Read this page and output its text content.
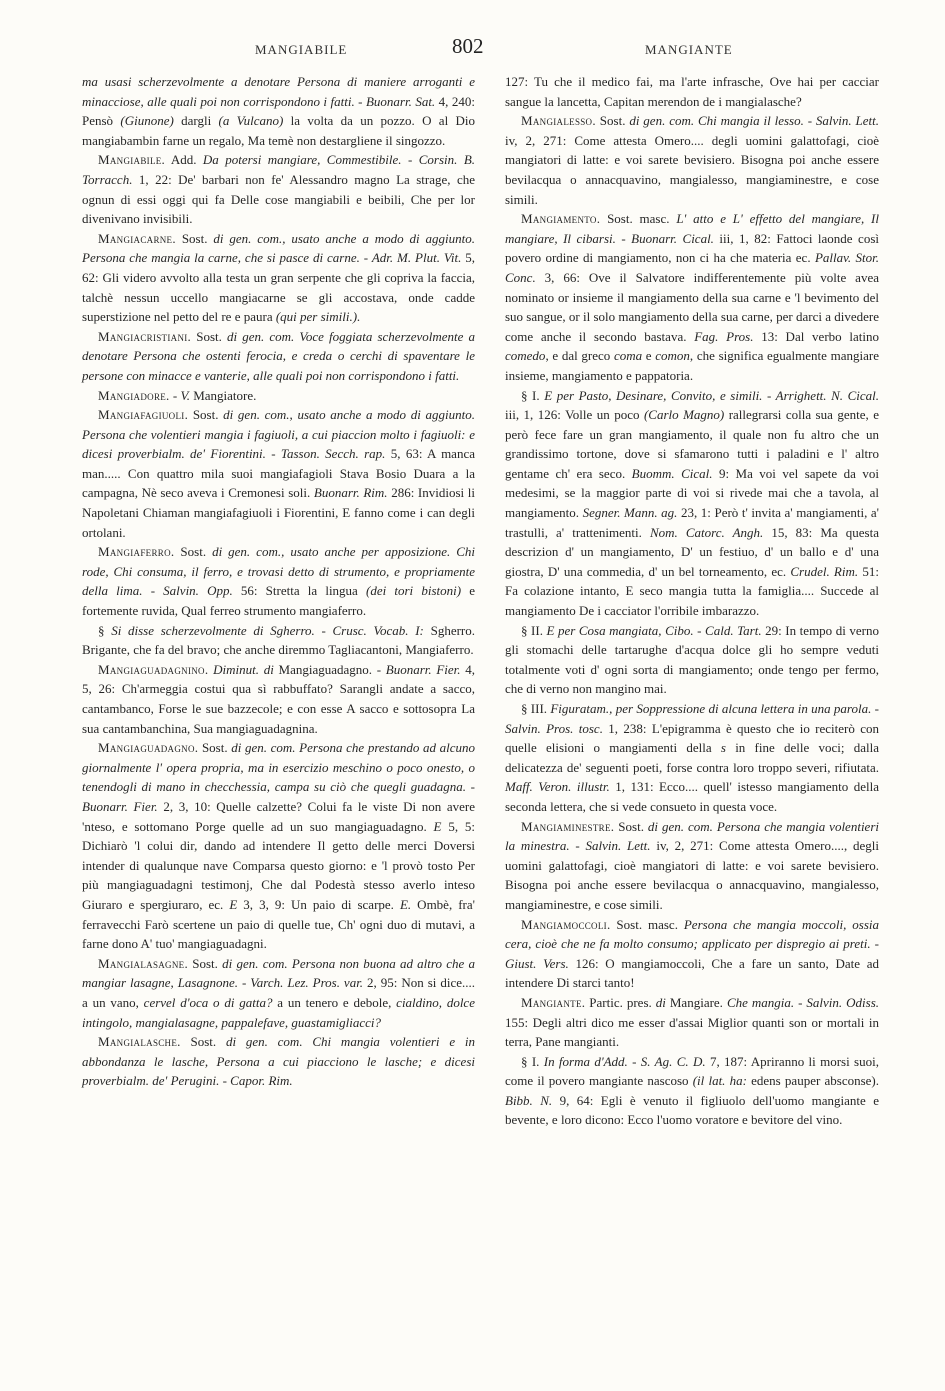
MANGIABILE	802	MANGIANTE

ma usasi scherzevolmente a denotare Persona di maniere arroganti e minacciose, alle quali poi non corrispondono i fatti. - Buonarr. Sat. 4, 240: Pensò (Giunone) dargli (a Vulcano) la volta da un pozzo. O al Dio mangiabambin farne un regalo, Ma temè non destargliene il singozzo.

Mangiabile. Add. Da potersi mangiare, Commestibile. - Corsin. B. Torracch. 1, 22: De' barbari non fe' Alessandro magno La strage, che ognun di essi oggi qui fa Delle cose mangiabili e beibili, Che per lor divenivano invisibili.

Mangiacarne. Sost. di gen. com., usato anche a modo di aggiunto. Persona che mangia la carne, che si pasce di carne. - Adr. M. Plut. Vit. 5, 62: Gli videro avvolto alla testa un gran serpente che gli copriva la faccia, talchè nessun uccello mangiacarne se gli accostava, onde cadde superstizione nel petto del re e paura (qui per simili.).

Mangiacristiani. Sost. di gen. com. Voce foggiata scherzevolmente a denotare Persona che ostenti ferocia, e creda o cerchi di spaventare le persone con minacce e vanterie, alle quali poi non corrispondono i fatti.

Mangiadore. - V. Mangiatore.

Mangiafagiuoli. Sost. di gen. com., usato anche a modo di aggiunto. Persona che volentieri mangia i fagiuoli, a cui piaccion molto i fagiuoli: e dicesi proverbialm. de' Fiorentini. - Tasson. Secch. rap. 5, 63: A manca man..... Con quattro mila suoi mangiafagioli Stava Bosio Duara a la campagna, Nè seco aveva i Cremonesi soli. Buonarr. Rim. 286: Invidiosi li Napoletani Chiaman mangiafagiuoli i Fiorentini, E fanno come i can degli ortolani.

Mangiaferro. Sost. di gen. com., usato anche per apposizione. Chi rode, Chi consuma, il ferro, e trovasi detto di strumento, e propriamente della lima. - Salvin. Opp. 56: Stretta la lingua (dei tori bistoni) e fortemente ruvida, Qual ferreo strumento mangiaferro.

§ Si disse scherzevolmente di Sgherro. - Crusc. Vocab. I: Sgherro. Brigante, che fa del bravo; che anche diremmo Tagliacantoni, Mangiaferro.

Mangiaguadagnino. Diminut. di Mangiaguadagno. - Buonarr. Fier. 4, 5, 26: Ch'armeggia costui qua sì rabbuffato? Sarangli andate a sacco, cantambanco, Forse le sue bazzecole; e con esse A sacco e sottosopra La sua cantambanchina, Sua mangiaguadagnina.

Mangiaguadagno. Sost. di gen. com. Persona che prestando ad alcuno giornalmente l' opera propria, ma in esercizio meschino o poco onesto, o tenendogli di mano in checchessia, campa su ciò che quegli guadagna. - Buonarr. Fier. 2, 3, 10: Quelle calzette? Colui fa le viste Di non avere 'nteso, e sottomano Porge quelle ad un suo mangiaguadagno. E 5, 5: Dichiarò 'l colui dir, dando ad intendere Il getto delle merci Doversi intender di qualunque nave Comparsa questo giorno: e 'l provò tosto Per più mangiaguadagni testimonj, Che dal Podestà stesso averlo inteso Giuraro e spergiuraro, ec. E 3, 3, 9: Un paio di scarpe. E. Ombè, fra' ferravecchi Farò scertene un paio di quelle tue, Ch' ogni duo di mutavi, a farne dono A' tuo' mangiaguadagni.

Mangialasagne. Sost. di gen. com. Persona non buona ad altro che a mangiar lasagne, Lasagnone. - Varch. Lez. Pros. var. 2, 95: Non si dice.... a un vano, cervel d'oca o di gatta? a un tenero e debole, cialdino, dolce intingolo, mangialasagne, pappalefave, guastamigliacci?

Mangialasche. Sost. di gen. com. Chi mangia volentieri e in abbondanza le lasche, Persona a cui piacciono le lasche; e dicesi proverbialm. de' Perugini. - Capor. Rim.

127: Tu che il medico fai, ma l'arte infrasche, Ove hai per cacciar sangue la lancetta, Capitan merendon de i mangialasche?

Mangialesso. Sost. di gen. com. Chi mangia il lesso. - Salvin. Lett. iv, 2, 271: Come attesta Omero.... degli uomini galattofagi, cioè mangiatori di latte: e voi sarete bevisiero. Bisogna poi anche essere bevilacqua o annacquavino, mangialesso, mangiaminestre, e cose simili.

Mangiamento. Sost. masc. L' atto e L' effetto del mangiare, Il mangiare, Il cibarsi. - Buonarr. Cical. iii, 1, 82: Fattoci laonde così povero ordine di mangiamento, non ci ha che materia ec. Pallav. Stor. Conc. 3, 66: Ove il Salvatore indifferentemente più volte avea nominato or insieme il mangiamento della sua carne e 'l bevimento del suo sangue, or il solo mangiamento della sua carne, per darci a divedere come anche il secondo bastava. Fag. Pros. 13: Dal verbo latino comedo, e dal greco coma e comon, che significa egualmente mangiare insieme, mangiamento e pappatoria.

§ I. E per Pasto, Desinare, Convito, e simili. - Arrighett. N. Cical. iii, 1, 126: Volle un poco (Carlo Magno) rallegrarsi colla sua gente, e però fece fare un gran mangiamento, il quale non fu altro che un grandissimo tortone, dove si sfamarono tutti i paladini e l' altro gentame ch' era seco. Buomm. Cical. 9: Ma voi vel sapete da voi medesimi, se la maggior parte di voi si rivede mai che a tavola, al mangiamento. Segner. Mann. ag. 23, 1: Però t' invita a' mangiamenti, a' trastulli, a' trattenimenti. Nom. Catorc. Angh. 15, 83: Ma questa descrizion d' un mangiamento, D' un festiuo, d' un ballo e d' una giostra, D' una commedia, d' un bel torneamento, ec. Crudel. Rim. 51: Fa colazione intanto, E seco mangia tutta la famiglia.... Succede al mangiamento De i cacciator l'orribile imbarazzo.

§ II. E per Cosa mangiata, Cibo. - Cald. Tart. 29: In tempo di verno gli stomachi delle tartarughe d'acqua dolce gli ho sempre veduti totalmente voti d' ogni sorta di mangiamento; onde tengo per fermo, che di verno non mangino mai.

§ III. Figuratam., per Soppressione di alcuna lettera in una parola. - Salvin. Pros. tosc. 1, 238: L'epigramma è questo che io reciterò con quelle elisioni o mangiamenti della s in fine delle voci; dalla delicatezza de' seguenti poeti, forse contra loro troppo severi, rifiutata. Maff. Veron. illustr. 1, 131: Ecco.... quell' istesso mangiamento della seconda lettera, che si vede consueto in questa voce.

Mangiaminestre. Sost. di gen. com. Persona che mangia volentieri la minestra. - Salvin. Lett. iv, 2, 271: Come attesta Omero...., degli uomini galattofagi, cioè mangiatori di latte: e voi sarete bevisiero. Bisogna poi anche essere bevilacqua o annacquavino, mangialesso, mangiaminestre, e cose simili.

Mangiamoccoli. Sost. masc. Persona che mangia moccoli, ossia cera, cioè che ne fa molto consumo; applicato per dispregio ai preti. - Giust. Vers. 126: O mangiamoccoli, Che a fare un santo, Date ad intendere Di starci tanto!

Mangiante. Partic. pres. di Mangiare. Che mangia. - Salvin. Odiss. 155: Degli altri dico me esser d'assai Miglior quanti son or mortali in terra, Pane mangianti.

§ I. In forma d'Add. - S. Ag. C. D. 7, 187: Apriranno li morsi suoi, come il povero mangiante nascoso (il lat. ha: edens pauper absconse). Bibb. N. 9, 64: Egli è venuto il figliuolo dell'uomo mangiante e bevente, e loro dicono: Ecco l'uomo voratore e bevitore del vino.
